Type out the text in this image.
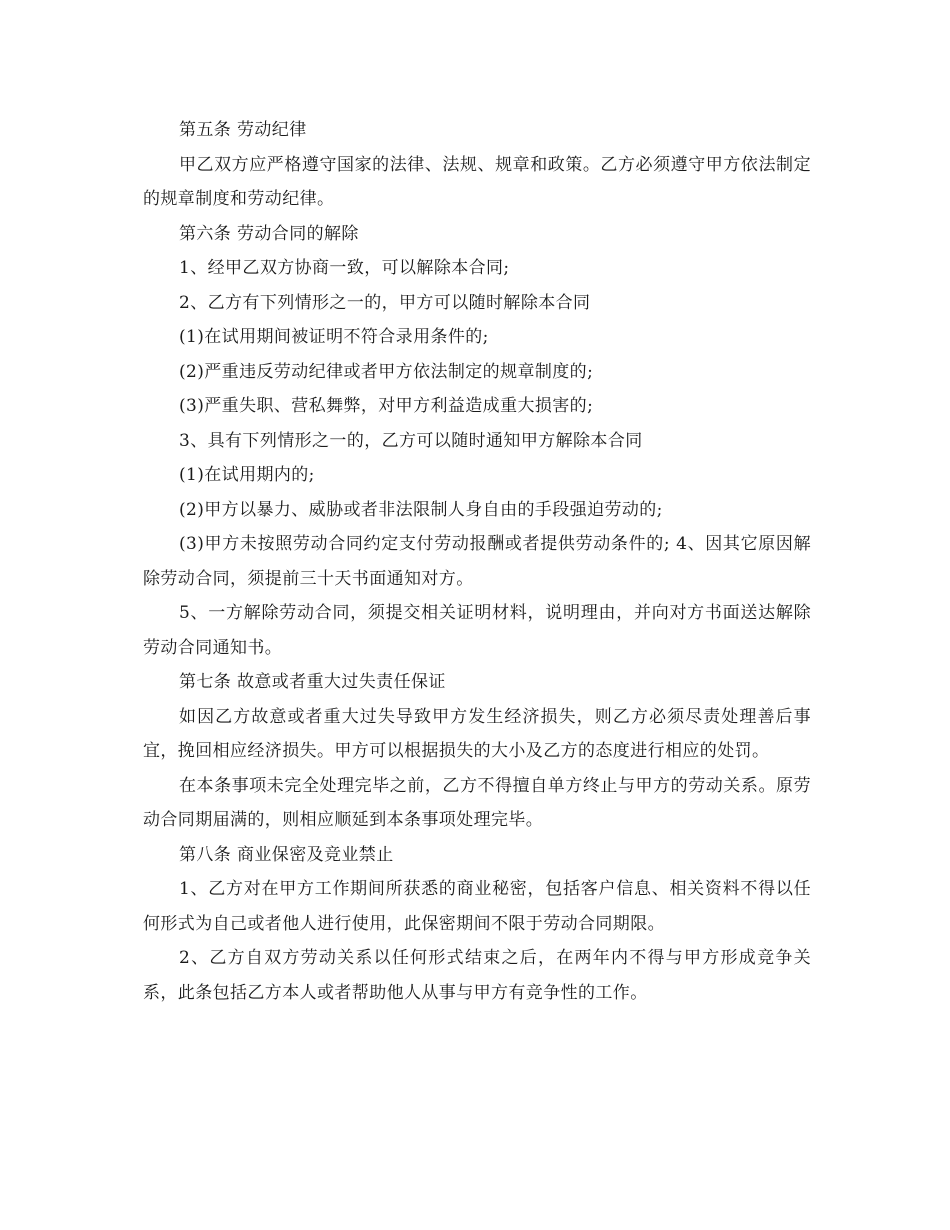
第五条 劳动纪律

甲乙双方应严格遵守国家的法律、法规、规章和政策。乙方必须遵守甲方依法制定的规章制度和劳动纪律。

第六条 劳动合同的解除

1、经甲乙双方协商一致，可以解除本合同;

2、乙方有下列情形之一的，甲方可以随时解除本合同

(1)在试用期间被证明不符合录用条件的;

(2)严重违反劳动纪律或者甲方依法制定的规章制度的;

(3)严重失职、营私舞弊，对甲方利益造成重大损害的;

3、具有下列情形之一的，乙方可以随时通知甲方解除本合同

(1)在试用期内的;

(2)甲方以暴力、威胁或者非法限制人身自由的手段强迫劳动的;

(3)甲方未按照劳动合同约定支付劳动报酬或者提供劳动条件的; 4、因其它原因解除劳动合同，须提前三十天书面通知对方。

5、一方解除劳动合同，须提交相关证明材料，说明理由，并向对方书面送达解除劳动合同通知书。

第七条 故意或者重大过失责任保证

如因乙方故意或者重大过失导致甲方发生经济损失，则乙方必须尽责处理善后事宜，挽回相应经济损失。甲方可以根据损失的大小及乙方的态度进行相应的处罚。

在本条事项未完全处理完毕之前，乙方不得擅自单方终止与甲方的劳动关系。原劳动合同期届满的，则相应顺延到本条事项处理完毕。

第八条 商业保密及竞业禁止

1、乙方对在甲方工作期间所获悉的商业秘密，包括客户信息、相关资料不得以任何形式为自己或者他人进行使用，此保密期间不限于劳动合同期限。

2、乙方自双方劳动关系以任何形式结束之后，在两年内不得与甲方形成竞争关系，此条包括乙方本人或者帮助他人从事与甲方有竞争性的工作。
